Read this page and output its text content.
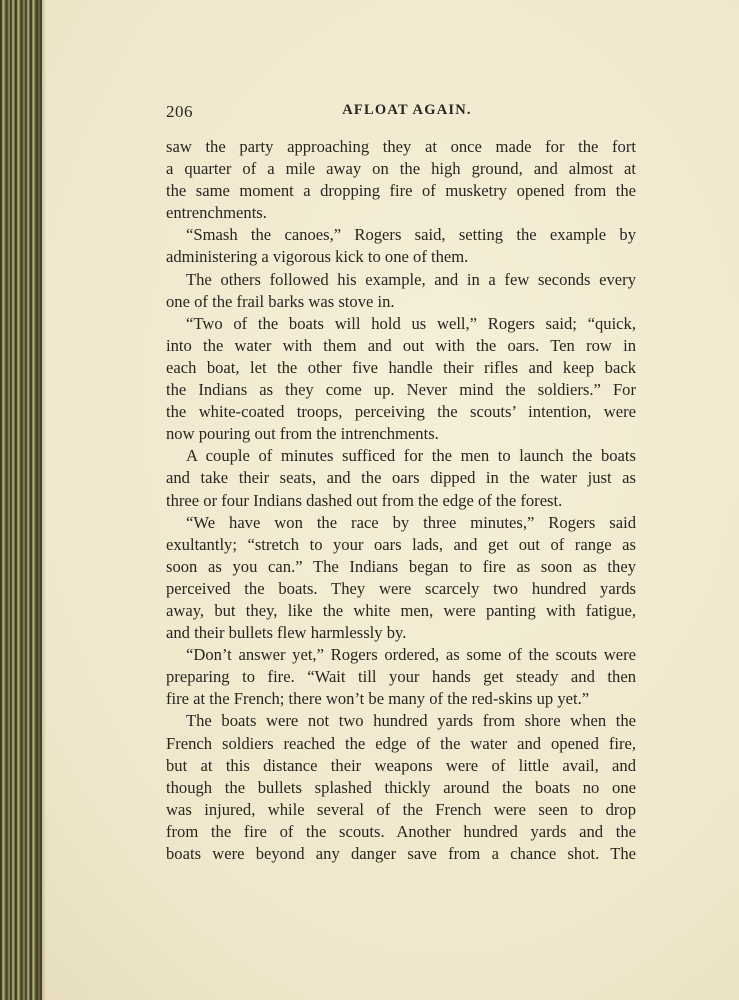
206	AFLOAT AGAIN.
saw the party approaching they at once made for the fort
a quarter of a mile away on the high ground, and almost at
the same moment a dropping fire of musketry opened from the
entrenchments.
“Smash the canoes,” Rogers said, setting the example by
administering a vigorous kick to one of them.
The others followed his example, and in a few seconds every
one of the frail barks was stove in.
“Two of the boats will hold us well,” Rogers said; “quick,
into the water with them and out with the oars. Ten row in
each boat, let the other five handle their rifles and keep back
the Indians as they come up. Never mind the soldiers.” For
the white-coated troops, perceiving the scouts’ intention, were
now pouring out from the intrenchments.
A couple of minutes sufficed for the men to launch the boats
and take their seats, and the oars dipped in the water just as
three or four Indians dashed out from the edge of the forest.
“We have won the race by three minutes,” Rogers said
exultantly; “stretch to your oars lads, and get out of range as
soon as you can.” The Indians began to fire as soon as they
perceived the boats. They were scarcely two hundred yards
away, but they, like the white men, were panting with fatigue,
and their bullets flew harmlessly by.
“Don’t answer yet,” Rogers ordered, as some of the scouts were
preparing to fire. “Wait till your hands get steady and then
fire at the French; there won’t be many of the red-skins up yet.”
The boats were not two hundred yards from shore when the
French soldiers reached the edge of the water and opened fire,
but at this distance their weapons were of little avail, and
though the bullets splashed thickly around the boats no one
was injured, while several of the French were seen to drop
from the fire of the scouts. Another hundred yards and the
boats were beyond any danger save from a chance shot. The
